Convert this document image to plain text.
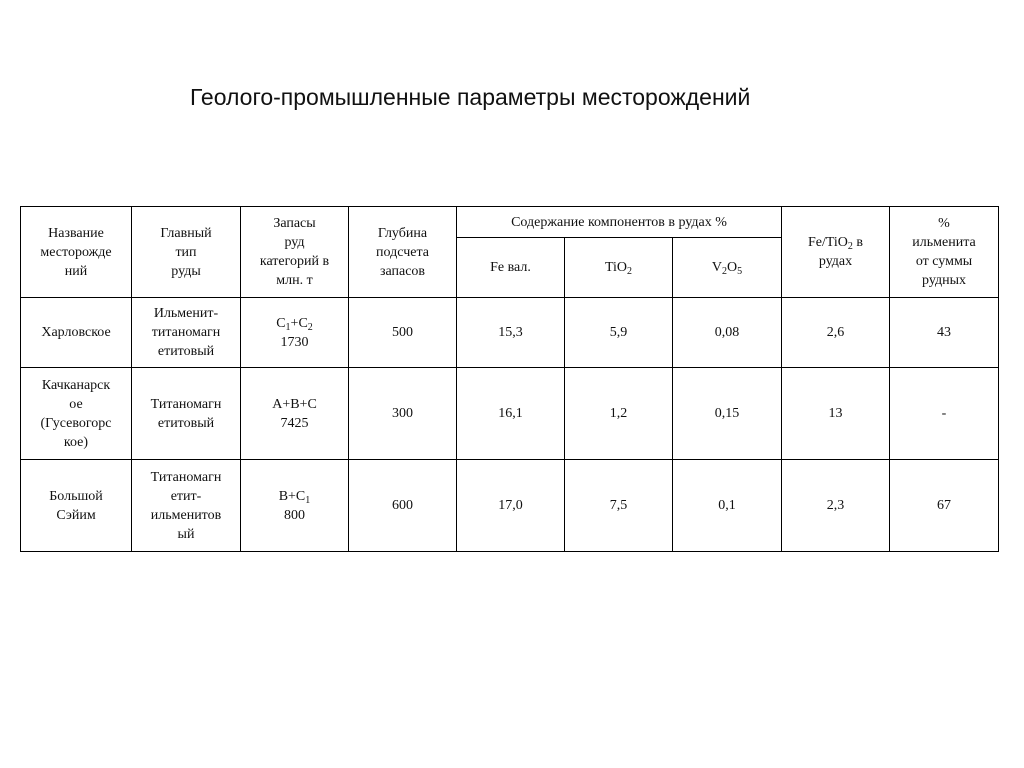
Геолого-промышленные параметры месторождений
Название
месторожде
ний	Главный
тип
руды	Запасы
руд
категорий в
млн. т	Глубина
подсчета
запасов	Содержание компонентов в рудах %			Fe/TiO$_2$ в
рудах	%
ильменита
от суммы
рудных

				Fe вал.	TiO$_2$	$V_2O_5$

Харловское	Ильменит-
титаномагн
етитовый	$С_1+С_2$
1730	500	15,3	5,9	0,08	2,6	43

Качканарск
ое
(Гусевогорс
кое)	Титаномагн
етитовый	А+В+С
7425	300	16,1	1,2	0,15	13	-

Большой
Сэйим	Титаномагн
етит-
ильменитов
ый	$В+С_1$
800	600	17,0	7,5	0,1	2,3	67
